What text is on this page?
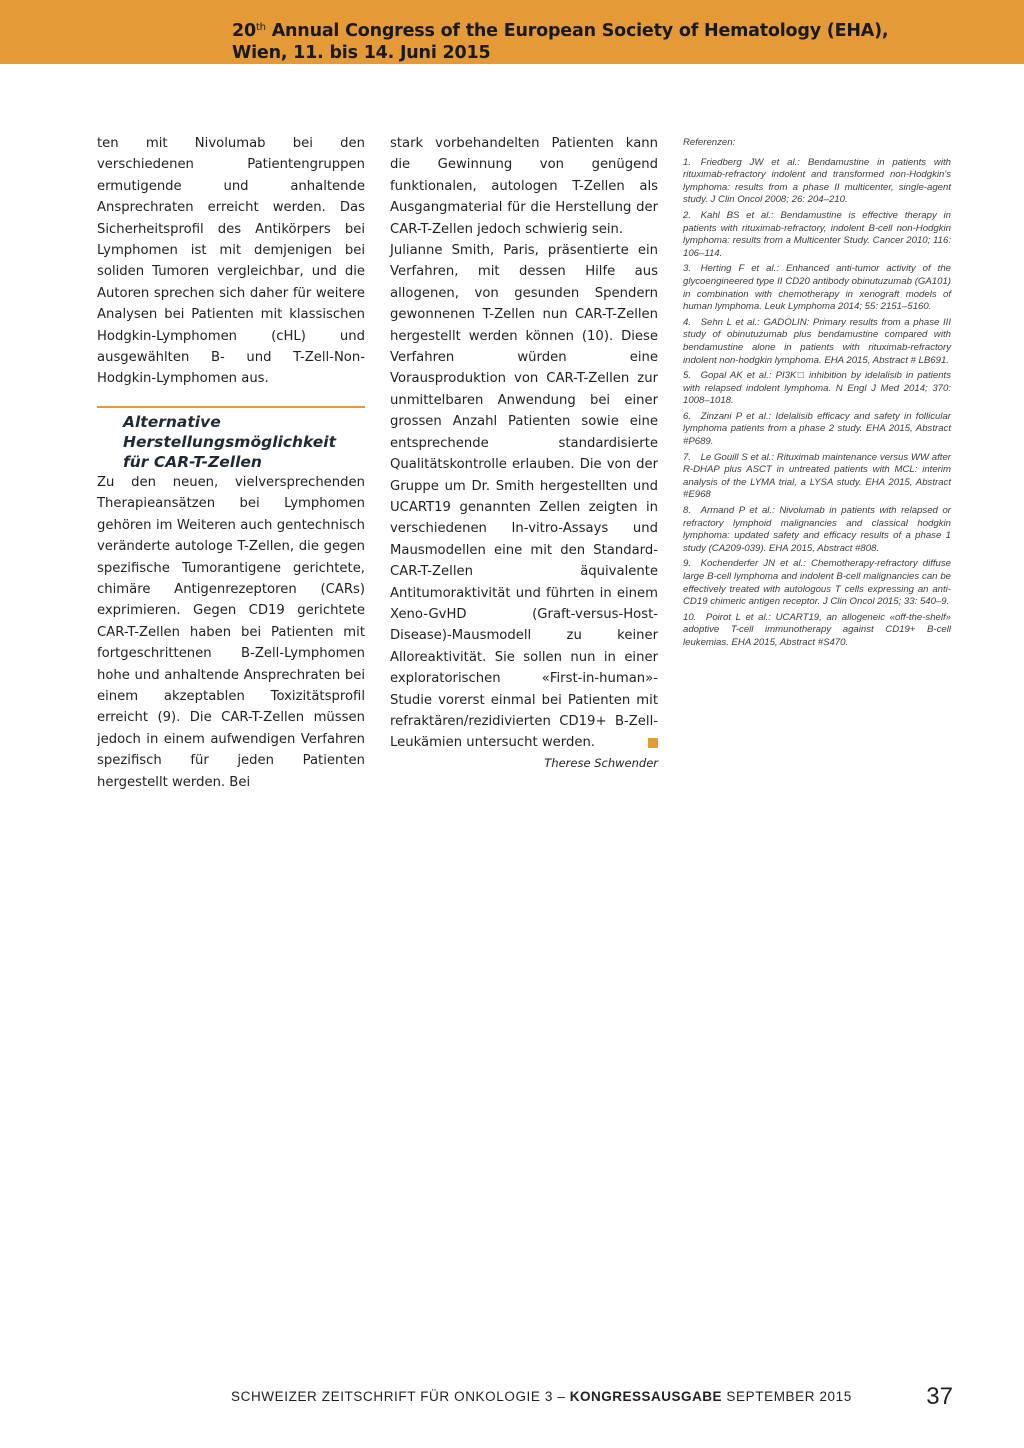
20th Annual Congress of the European Society of Hematology (EHA),
Wien, 11. bis 14. Juni 2015

ten mit Nivolumab bei den verschiedenen Patientengruppen ermutigende und anhaltende Ansprechraten erreicht werden. Das Sicherheitsprofil des Antikörpers bei Lymphomen ist mit demjenigen bei soliden Tumoren vergleichbar, und die Autoren sprechen sich daher für weitere Analysen bei Patienten mit klassischen Hodgkin-Lymphomen (cHL) und ausgewählten B- und T-Zell-Non-Hodgkin-Lymphomen aus.

Alternative
Herstellungsmöglichkeit
für CAR-T-Zellen

Zu den neuen, vielversprechenden Therapieansätzen bei Lymphomen gehören im Weiteren auch gentechnisch veränderte autologe T-Zellen, die gegen spezifische Tumorantigene gerichtete, chimäre Antigenrezeptoren (CARs) exprimieren. Gegen CD19 gerichtete CAR-T-Zellen haben bei Patienten mit fortgeschrittenen B-Zell-Lymphomen hohe und anhaltende Ansprechraten bei einem akzeptablen Toxizitätsprofil erreicht (9). Die CAR-T-Zellen müssen jedoch in einem aufwendigen Verfahren spezifisch für jeden Patienten hergestellt werden. Bei

stark vorbehandelten Patienten kann die Gewinnung von genügend funktionalen, autologen T-Zellen als Ausgangmaterial für die Herstellung der CAR-T-Zellen jedoch schwierig sein.

Julianne Smith, Paris, präsentierte ein Verfahren, mit dessen Hilfe aus allogenen, von gesunden Spendern gewonnenen T-Zellen nun CAR-T-Zellen hergestellt werden können (10). Diese Verfahren würden eine Vorausproduktion von CAR-T-Zellen zur unmittelbaren Anwendung bei einer grossen Anzahl Patienten sowie eine entsprechende standardisierte Qualitätskontrolle erlauben. Die von der Gruppe um Dr. Smith hergestellten und UCART19 genannten Zellen zeigten in verschiedenen In-vitro-Assays und Mausmodellen eine mit den Standard-CAR-T-Zellen äquivalente Antitumoraktivität und führten in einem Xeno-GvHD (Graft-versus-Host-Disease)-Mausmodell zu keiner Alloreaktivität. Sie sollen nun in einer exploratorischen «First-in-human»-Studie vorerst einmal bei Patienten mit refraktären/rezidivierten CD19+ B-Zell-Leukämien untersucht werden.

Therese Schwender

Referenzen:

1. Friedberg JW et al.: Bendamustine in patients with rituximab-refractory indolent and transformed non-Hodgkin's lymphoma: results from a phase II multicenter, single-agent study. J Clin Oncol 2008; 26: 204–210.

2. Kahl BS et al.: Bendamustine is effective therapy in patients with rituximab-refractory, indolent B-cell non-Hodgkin lymphoma: results from a Multicenter Study. Cancer 2010; 116: 106–114.

3. Herting F et al.: Enhanced anti-tumor activity of the glycoengineered type II CD20 antibody obinutuzumab (GA101) in combination with chemotherapy in xenograft models of human lymphoma. Leuk Lymphoma 2014; 55: 2151–5160.

4. Sehn L et al.: GADOLIN: Primary results from a phase III study of obinutuzumab plus bendamustine compared with bendamustine alone in patients with rituximab-refractory indolent non-hodgkin lymphoma. EHA 2015, Abstract # LB691.

5. Gopal AK et al.: PI3K□ inhibition by idelalisib in patients with relapsed indolent lymphoma. N Engl J Med 2014; 370: 1008–1018.

6. Zinzani P et al.: Idelalisib efficacy and safety in follicular lymphoma patients from a phase 2 study. EHA 2015, Abstract #P689.

7. Le Gouill S et al.: Rituximab maintenance versus WW after R-DHAP plus ASCT in untreated patients with MCL: interim analysis of the LYMA trial, a LYSA study. EHA 2015, Abstract #E968

8. Armand P et al.: Nivolumab in patients with relapsed or refractory lymphoid malignancies and classical hodgkin lymphoma: updated safety and efficacy results of a phase 1 study (CA209-039). EHA 2015, Abstract #808.

9. Kochenderfer JN et al.: Chemotherapy-refractory diffuse large B-cell lymphoma and indolent B-cell malignancies can be effectively treated with autologous T cells expressing an anti-CD19 chimeric antigen receptor. J Clin Oncol 2015; 33: 540–9.

10. Poirot L et al.: UCART19, an allogeneic «off-the-shelf» adoptive T-cell immunotherapy against CD19+ B-cell leukemias. EHA 2015, Abstract #S470.

SCHWEIZER ZEITSCHRIFT FÜR ONKOLOGIE 3 – KONGRESSAUSGABE SEPTEMBER 2015	37
